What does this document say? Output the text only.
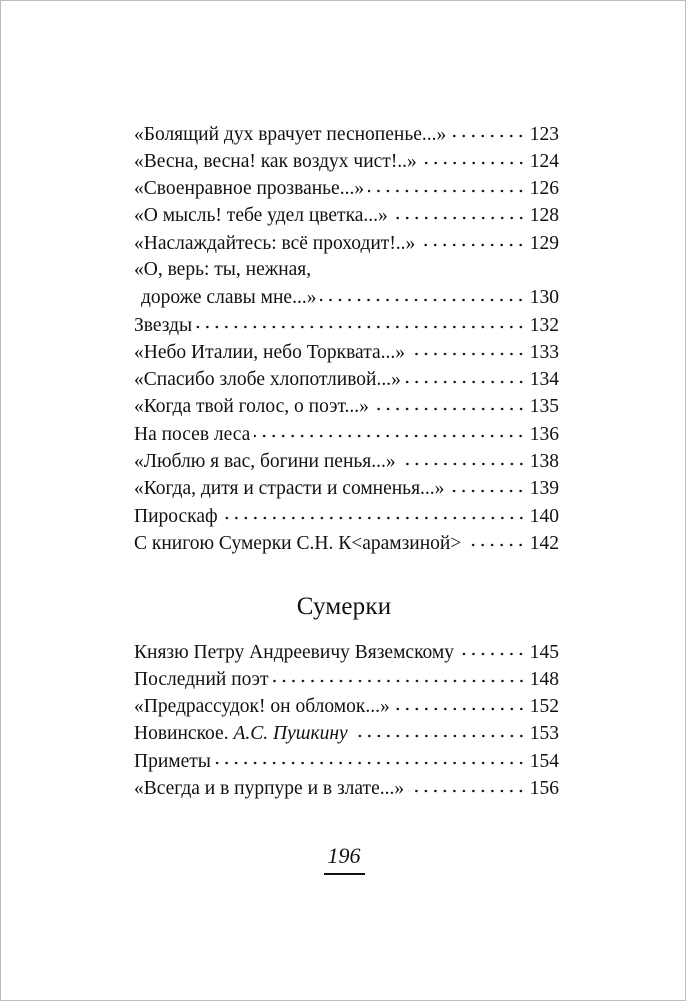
«Болящий дух врачует песнопенье...»	123
«Весна, весна! как воздух чист!..»	124
«Своенравное прозванье...»	126
«О мысль! тебе удел цветка...»	128
«Наслаждайтесь: всё проходит!..»	129
«О, верь: ты, нежная,
дороже славы мне...»	130
Звезды	132
«Небо Италии, небо Торквата...»	133
«Спасибо злобе хлопотливой...»	134
«Когда твой голос, о поэт...»	135
На посев леса	136
«Люблю я вас, богини пенья...»	138
«Когда, дитя и страсти и сомненья...»	139
Пироскаф	140
С книгою Сумерки С.Н. К<арамзиной>	142
Сумерки
Князю Петру Андреевичу Вяземскому	145
Последний поэт	148
«Предрассудок! он обломок...»	152
Новинское. А.С. Пушкину	153
Приметы	154
«Всегда и в пурпуре и в злате...»	156
196
